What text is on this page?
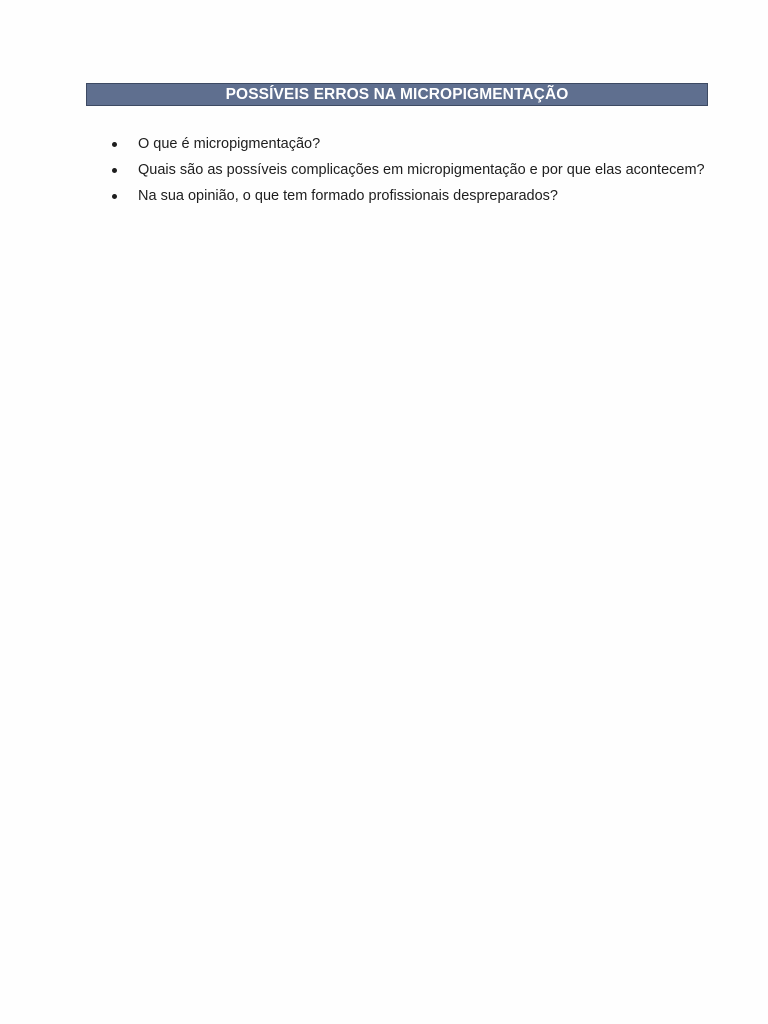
POSSÍVEIS ERROS NA MICROPIGMENTAÇÃO
O que é micropigmentação?
Quais são as possíveis complicações em micropigmentação e por que elas acontecem?
Na sua opinião, o que tem formado profissionais despreparados?
